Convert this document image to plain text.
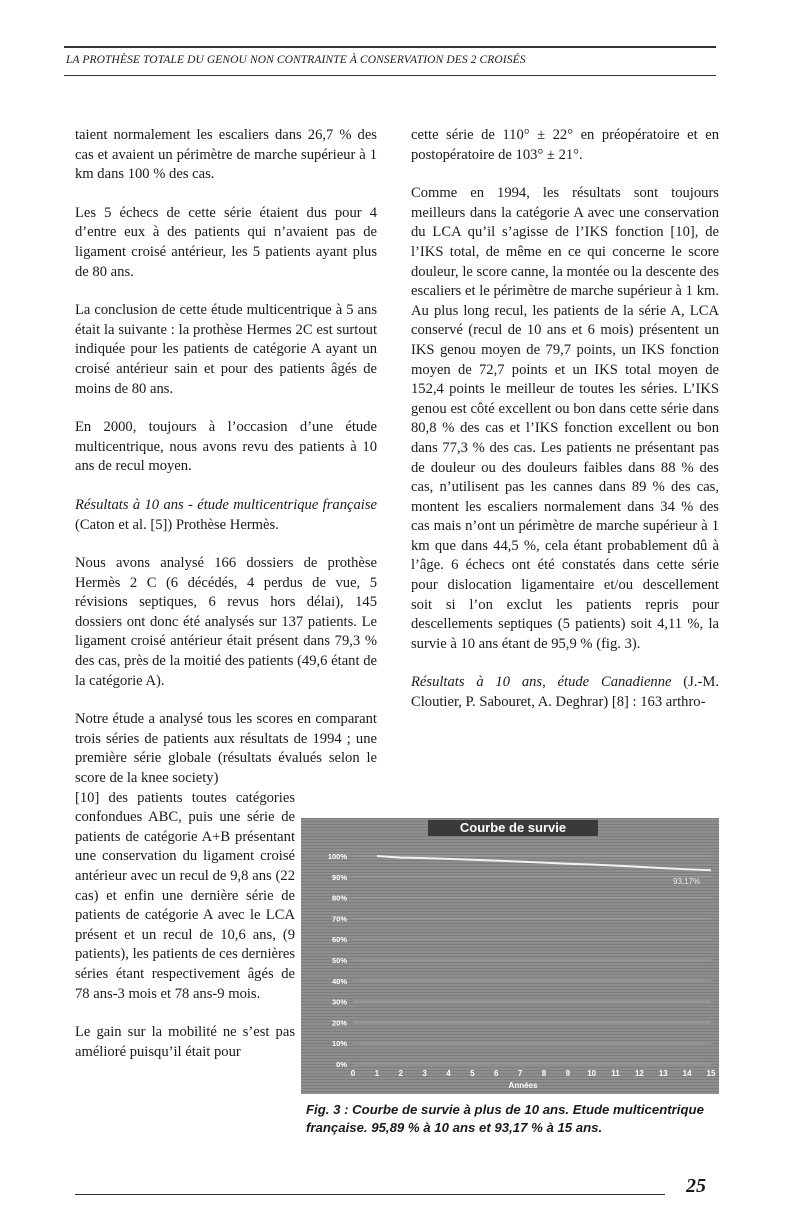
LA PROTHÈSE TOTALE DU GENOU NON CONTRAINTE À CONSERVATION DES 2 CROISÉS

taient normalement les escaliers dans 26,7 % des cas et avaient un périmètre de marche supérieur à 1 km dans 100 % des cas.

Les 5 échecs de cette série étaient dus pour 4 d’entre eux à des patients qui n’avaient pas de ligament croisé antérieur, les 5 patients ayant plus de 80 ans.

La conclusion de cette étude multicentrique à 5 ans était la suivante : la prothèse Hermes 2C est surtout indiquée pour les patients de catégorie A ayant un croisé antérieur sain et pour des patients âgés de moins de 80 ans.

En 2000, toujours à l’occasion d’une étude multicentrique, nous avons revu des patients à 10 ans de recul moyen.

Résultats à 10 ans - étude multicentrique française (Caton et al. [5]) Prothèse Hermès.

Nous avons analysé 166 dossiers de prothèse Hermès 2 C (6 décédés, 4 perdus de vue, 5 révisions septiques, 6 revus hors délai), 145 dossiers ont donc été analysés sur 137 patients. Le ligament croisé antérieur était présent dans 79,3 % des cas, près de la moitié des patients (49,6 étant de la catégorie A).

Notre étude a analysé tous les scores en comparant trois séries de patients aux résultats de 1994 ; une première série globale (résultats évalués selon le score de la knee society)

[10] des patients toutes catégories confondues ABC, puis une série de patients de catégorie A+B présentant une conservation du ligament croisé antérieur avec un recul de 9,8 ans (22 cas) et enfin une dernière série de patients de catégorie A avec le LCA présent et un recul de 10,6 ans, (9 patients), les patients de ces dernières séries étant respectivement âgés de 78 ans-3 mois et 78 ans-9 mois.

Le gain sur la mobilité ne s’est pas amélioré puisqu’il était pour

cette série de 110° ± 22° en préopératoire et en postopératoire de 103° ± 21°.

Comme en 1994, les résultats sont toujours meilleurs dans la catégorie A avec une conservation du LCA qu’il s’agisse de l’IKS fonction [10], de l’IKS total, de même en ce qui concerne le score douleur, le score canne, la montée ou la descente des escaliers et le périmètre de marche supérieur à 1 km. Au plus long recul, les patients de la série A, LCA conservé (recul de 10 ans et 6 mois) présentent un IKS genou moyen de 79,7 points, un IKS fonction moyen de 72,7 points et un IKS total moyen de 152,4 points le meilleur de toutes les séries. L’IKS genou est côté excellent ou bon dans cette série dans 80,8 % des cas et l’IKS fonction excellent ou bon dans 77,3 % des cas. Les patients ne présentant pas de douleur ou des douleurs faibles dans 88 % des cas, n’utilisent pas les cannes dans 89 % des cas, montent les escaliers normalement dans 34 % des cas mais n’ont un périmètre de marche supérieur à 1 km que dans 44,5 %, cela étant probablement dû à l’âge. 6 échecs ont été constatés dans cette série pour dislocation ligamentaire et/ou descellement soit si l’on exclut les patients repris pour descellements septiques (5 patients) soit 4,11 %, la survie à 10 ans étant de 95,9 % (fig. 3).

Résultats à 10 ans, étude Canadienne (J.-M. Cloutier, P. Sabouret, A. Deghrar) [8] : 163 arthro-

Courbe de survie
0%
10%
20%
30%
40%
50%
60%
70%
80%
90%
100%
0 1 2 3 4 5 6 7 8 9 10 11 12 13 14 15
93,17%
Années
Fig. 3 : Courbe de survie à plus de 10 ans. Etude multicentrique française. 95,89 % à 10 ans et 93,17 % à 15 ans.
25
